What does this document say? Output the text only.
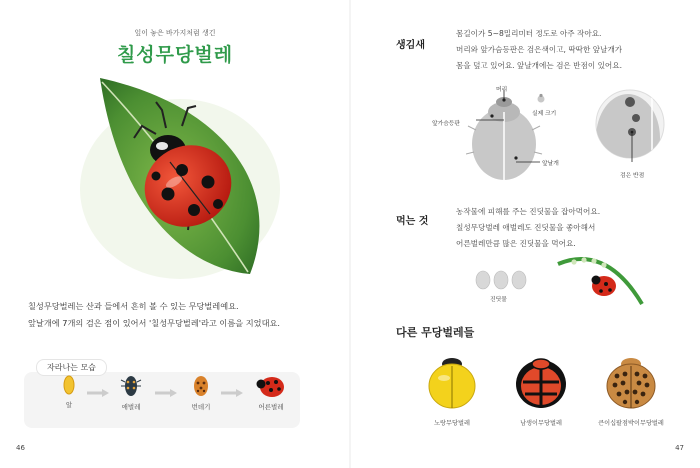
잎이 놓은 바가지처럼 생긴
칠성무당벌레

칠성무당벌레는 산과 들에서 흔히 볼 수 있는 무당벌레예요.

앞날개에 7개의 검은 점이 있어서 '칠성무당벌레'라고 이름을 지었대요.

자라나는 모습
알	애벌레	번데기	어른벌레
46
생김새

몸길이가 5~8밀리미터 정도로 아주 작아요.

머리와 앞가슴등판은 검은색이고, 딱딱한 앞날개가

몸을 덮고 있어요. 앞날개에는 검은 반점이 있어요.

머리
앞가슴등판
앞날개
실제 크기
검은 반점
먹는 것

농작물에 피해를 주는 진딧물을 잡아먹어요.

칠성무당벌레 애벌레도 진딧물을 좋아해서

어른벌레만큼 많은 진딧물을 먹어요.

진딧물
다른 무당벌레들
노랑무당벌레	남생이무당벌레	큰이십팔점박이무당벌레
47
